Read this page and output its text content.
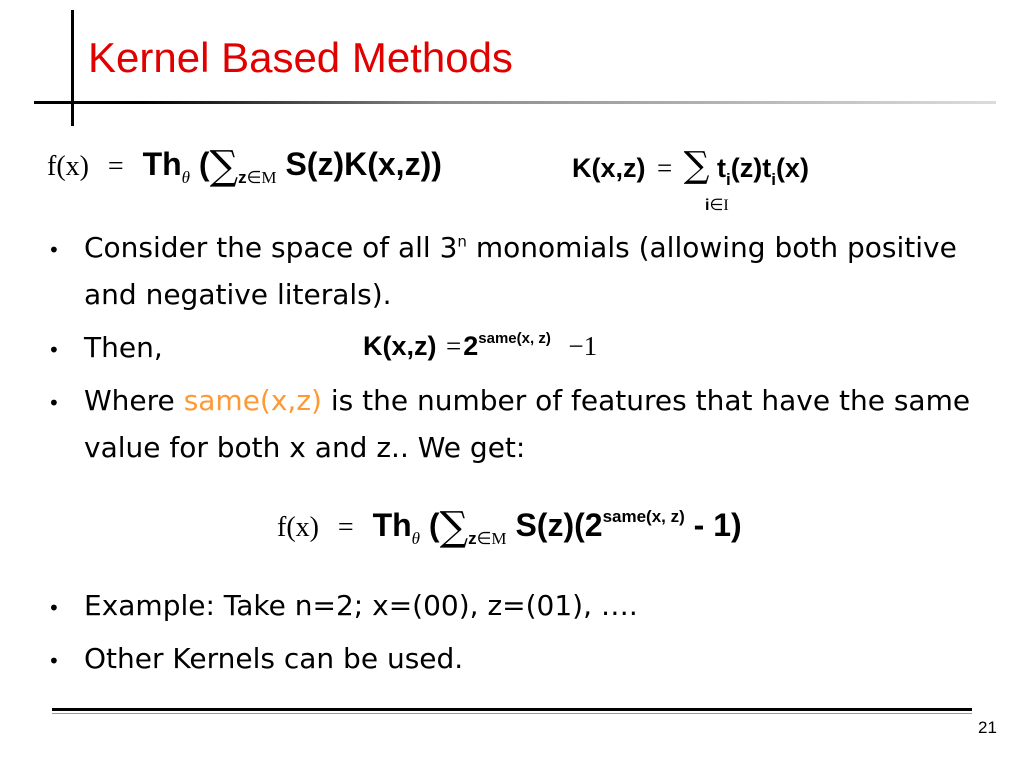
Kernel Based Methods
$f(x) = Th_\theta$ ($\sum_{z\in M}$ S(z)K(x,z))	K(x,z) = ∑ $t_i(z)t_i(x)$
i∈I
• Consider the space of all 3$^n$ monomials (allowing both positive
and negative literals).
• Then,	$K(x,z) =2^{same(x, z)} -1$
• Where same(x,z) is the number of features that have the same
value for both x and z.. We get:
$f(x) = Th_\theta$ ($\sum_{z\in M}$ $S(z)(2^{same(x, z)} - 1)$
• Example: Take n=2; x=(00), z=(01), ….
• Other Kernels can be used.
21
